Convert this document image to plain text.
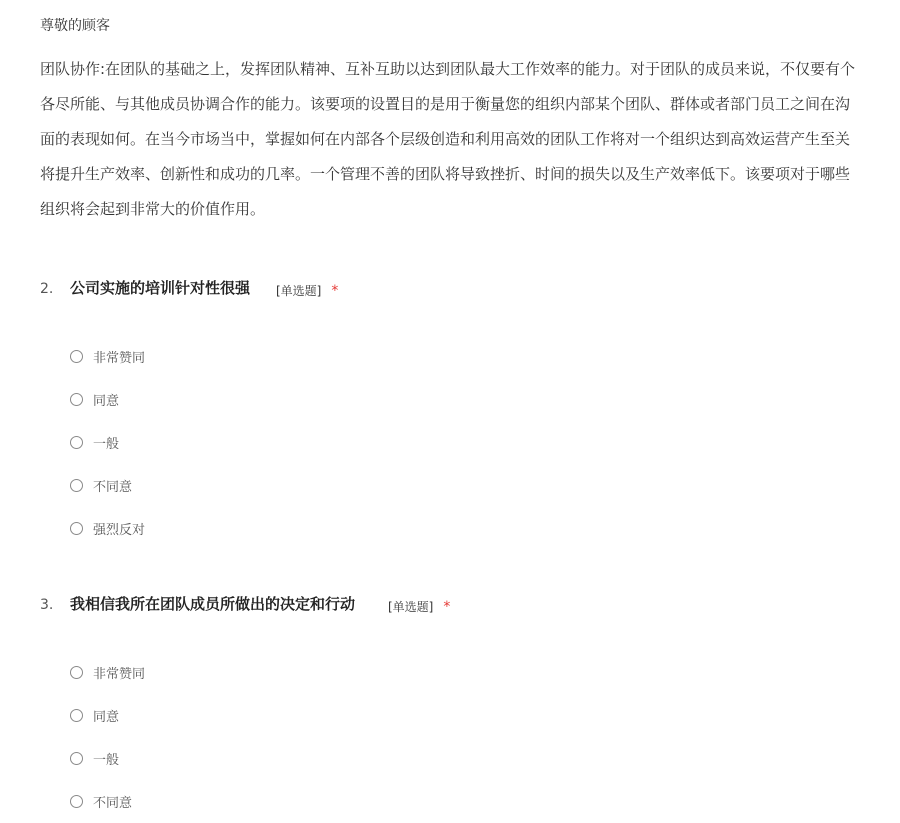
尊敬的顾客
团队协作:在团队的基础之上，发挥团队精神、互补互助以达到团队最大工作效率的能力。对于团队的成员来说，不仅要有个
各尽所能、与其他成员协调合作的能力。该要项的设置目的是用于衡量您的组织内部某个团队、群体或者部门员工之间在沟
面的表现如何。在当今市场当中，掌握如何在内部各个层级创造和利用高效的团队工作将对一个组织达到高效运营产生至关
将提升生产效率、创新性和成功的几率。一个管理不善的团队将导致挫折、时间的损失以及生产效率低下。该要项对于哪些
组织将会起到非常大的价值作用。
2. 公司实施的培训针对性很强 [单选题] *
非常赞同
同意
一般
不同意
强烈反对
3. 我相信我所在团队成员所做出的决定和行动	[单选题] *
非常赞同
同意
一般
不同意
